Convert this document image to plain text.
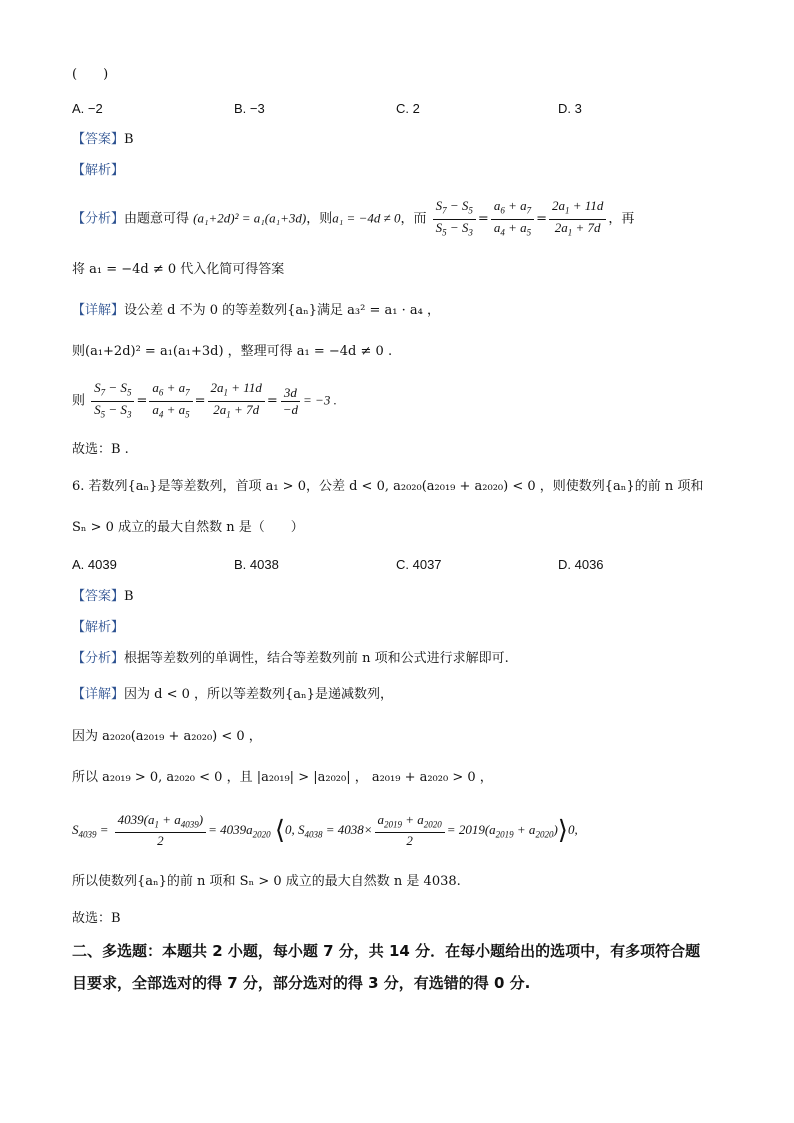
(　　)
A. −2	B. −3	C. 2	D. 3
【答案】B
【解析】
【分析】由题意可得 (a₁+2d)² = a₁(a₁+3d)，则a₁ = −4d ≠ 0，而 $\frac{S_7 - S_5}{S_5 - S_3} = \frac{a_6 + a_7}{a_4 + a_5} = \frac{2a_1 + 11d}{2a_1 + 7d}$ ，再
将 a₁ = −4d ≠ 0 代入化简可得答案
【详解】设公差 d 不为 0 的等差数列{aₙ}满足 a₃² = a₁ · a₄ ，
则(a₁+2d)² = a₁(a₁+3d) ，整理可得 a₁ = −4d ≠ 0 .
则 $\frac{S_7 - S_5}{S_5 - S_3} = \frac{a_6 + a_7}{a_4 + a_5} = \frac{2a_1 + 11d}{2a_1 + 7d} = \frac{3d}{-d} = -3$ .
故选：B .
6. 若数列{aₙ}是等差数列，首项 a₁ > 0，公差 d < 0, a₂₀₂₀(a₂₀₁₉ + a₂₀₂₀) < 0 ，则使数列{aₙ}的前 n 项和
Sₙ > 0 成立的最大自然数 n 是（　　）
A. 4039	B. 4038	C. 4037	D. 4036
【答案】B
【解析】
【分析】根据等差数列的单调性，结合等差数列前 n 项和公式进行求解即可.
【详解】因为 d < 0 ，所以等差数列{aₙ}是递减数列，
因为 a₂₀₂₀(a₂₀₁₉ + a₂₀₂₀) < 0 ，
所以 a₂₀₁₉ > 0, a₂₀₂₀ < 0 ，且 |a₂₀₁₉| > |a₂₀₂₀| ， a₂₀₁₉ + a₂₀₂₀ > 0 ，
$S_{4039} = \frac{4039(a_1 + a_{4039})}{2} = 4039a_{2020}$ ⟨0, $S_{4038} = 4038\times \frac{a_{2019} + a_{2020}}{2} = 2019(a_{2019}$ + $a_{2020})⟩0$,
所以使数列{aₙ}的前 n 项和 Sₙ > 0 成立的最大自然数 n 是 4038.
故选：B
二、多选题：本题共 2 小题，每小题 7 分，共 14 分．在每小题给出的选项中，有多项符合题
目要求，全部选对的得 7 分，部分选对的得 3 分，有选错的得 0 分.
